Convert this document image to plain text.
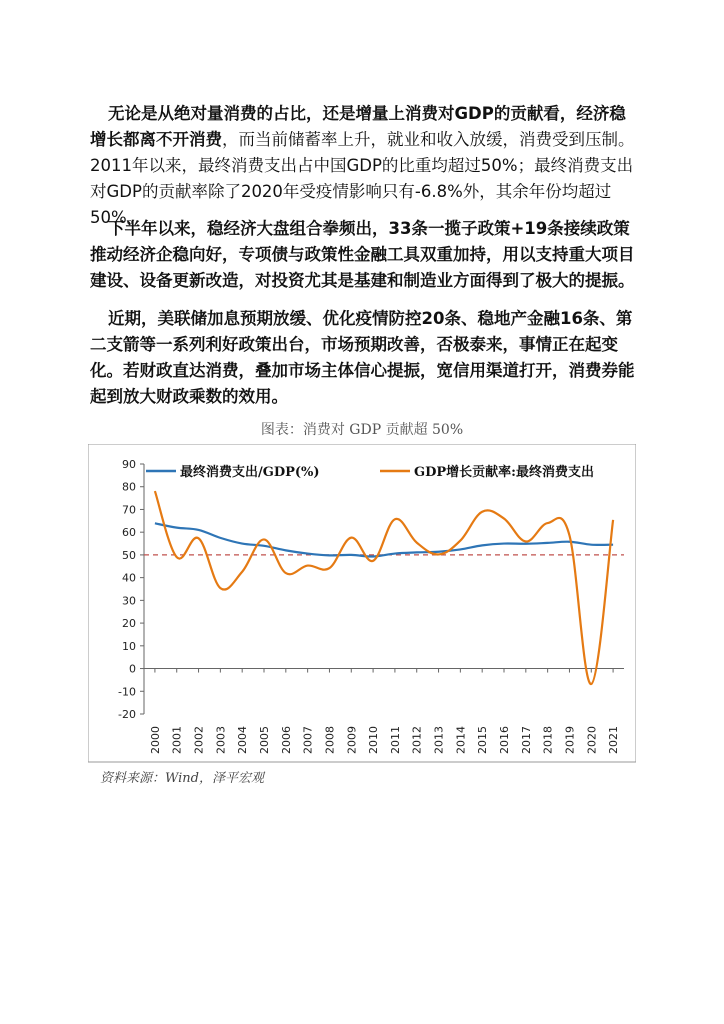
无论是从绝对量消费的占比，还是增量上消费对GDP的贡献看，经济稳增长都离不开消费，而当前储蓄率上升，就业和收入放缓，消费受到压制。2011年以来，最终消费支出占中国GDP的比重均超过50%；最终消费支出对GDP的贡献率除了2020年受疫情影响只有-6.8%外，其余年份均超过50%。

下半年以来，稳经济大盘组合拳频出，33条一揽子政策+19条接续政策推动经济企稳向好，专项债与政策性金融工具双重加持，用以支持重大项目建设、设备更新改造，对投资尤其是基建和制造业方面得到了极大的提振。

近期，美联储加息预期放缓、优化疫情防控20条、稳地产金融16条、第二支箭等一系列利好政策出台，市场预期改善，否极泰来，事情正在起变化。若财政直达消费，叠加市场主体信心提振，宽信用渠道打开，消费券能起到放大财政乘数的效用。

图表：消费对 GDP 贡献超 50%
-20
-10
0
10
20
30
40
50
60
70
80
90
2000 2001 2002 2003 2004 2005 2006 2007 2008 2009 2010 2011 2012 2013 2014 2015 2016 2017 2018 2019 2020 2021
最终消费支出/GDP(%)	GDP增长贡献率:最终消费支出
资料来源：Wind，泽平宏观
